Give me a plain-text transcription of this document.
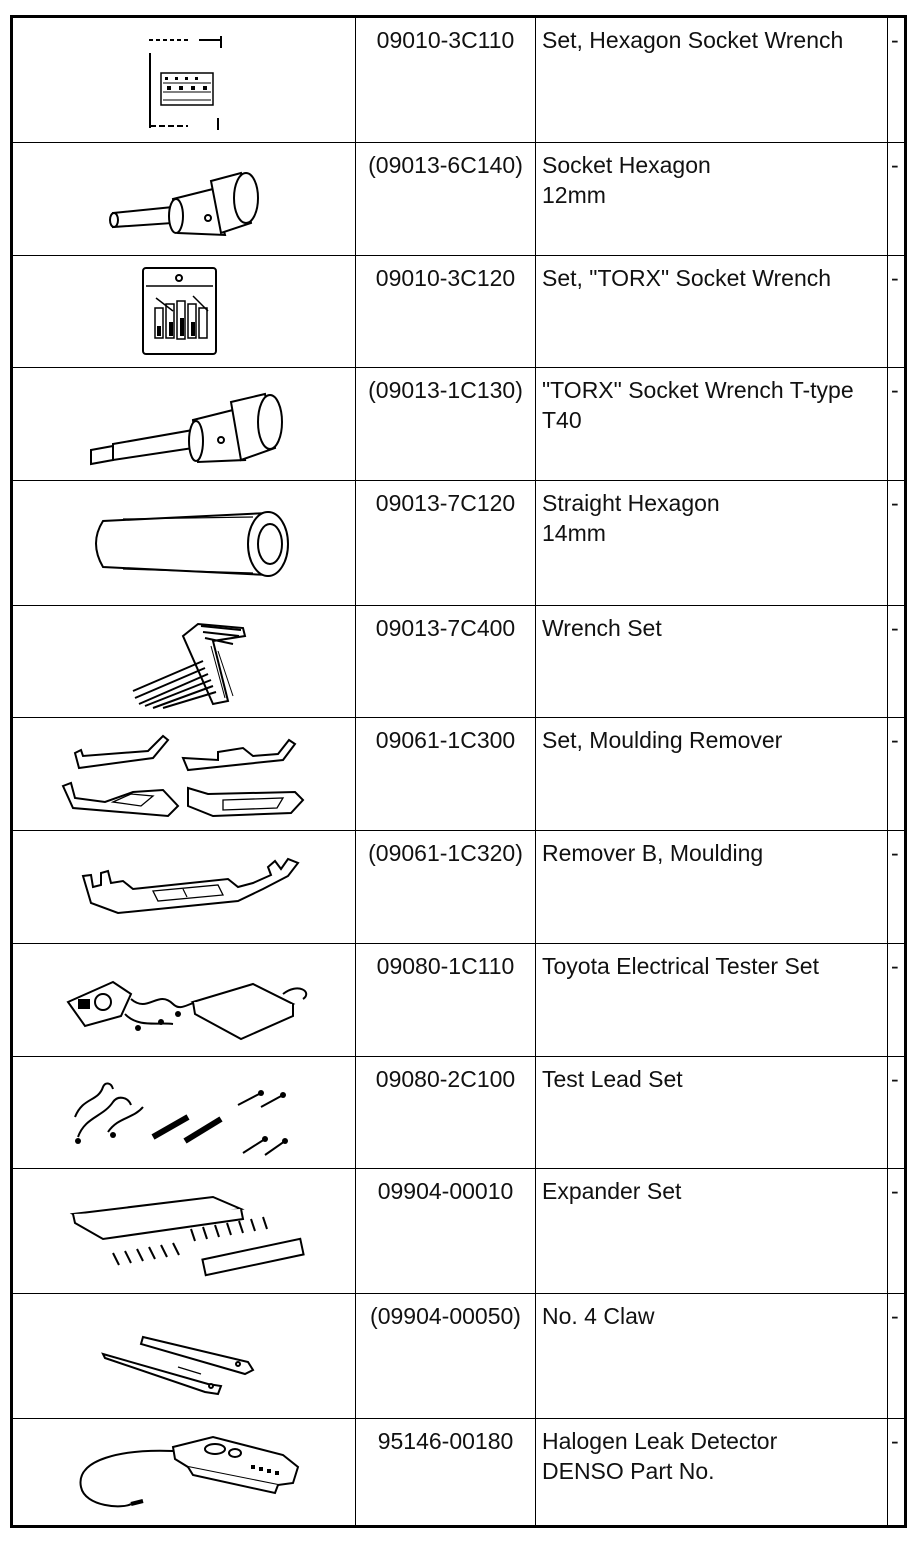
09010-3C110	Set, Hexagon Socket Wrench	-
(09013-6C140) Socket Hexagon
12mm
-
09010-3C120	Set, "TORX" Socket Wrench	-
(09013-1C130) "TORX" Socket Wrench T-type
T40
-
09013-7C120	Straight Hexagon
14mm
-
09013-7C400	Wrench Set	-
09061-1C300	Set, Moulding Remover	-
(09061-1C320) Remover B, Moulding	-
09080-1C110	Toyota Electrical Tester Set	-
09080-2C100	Test Lead Set	-
09904-00010	Expander Set	-
(09904-00050) No. 4 Claw	-
95146-00180	Halogen Leak Detector
DENSO Part No.
-
